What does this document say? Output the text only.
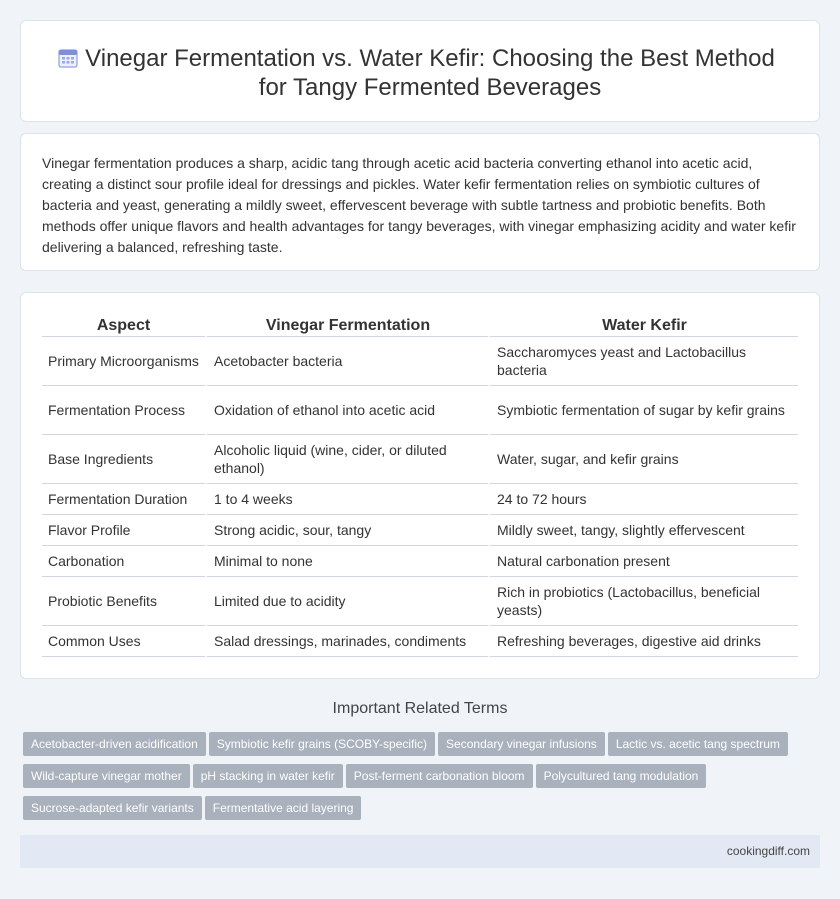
Vinegar Fermentation vs. Water Kefir: Choosing the Best Method
for Tangy Fermented Beverages

Vinegar fermentation produces a sharp, acidic tang through acetic acid bacteria converting ethanol into acetic acid, creating a distinct sour profile ideal for dressings and pickles. Water kefir fermentation relies on symbiotic cultures of bacteria and yeast, generating a mildly sweet, effervescent beverage with subtle tartness and probiotic benefits. Both methods offer unique flavors and health advantages for tangy beverages, with vinegar emphasizing acidity and water kefir delivering a balanced, refreshing taste.

Aspect	Vinegar Fermentation	Water Kefir
Primary Microorganisms	Acetobacter bacteria	Saccharomyces yeast and Lactobacillus bacteria
Fermentation Process	Oxidation of ethanol into acetic acid	Symbiotic fermentation of sugar by kefir grains
Base Ingredients	Alcoholic liquid (wine, cider, or diluted ethanol)	Water, sugar, and kefir grains
Fermentation Duration	1 to 4 weeks	24 to 72 hours
Flavor Profile	Strong acidic, sour, tangy	Mildly sweet, tangy, slightly effervescent
Carbonation	Minimal to none	Natural carbonation present
Probiotic Benefits	Limited due to acidity	Rich in probiotics (Lactobacillus, beneficial yeasts)
Common Uses	Salad dressings, marinades, condiments	Refreshing beverages, digestive aid drinks
Important Related Terms
Acetobacter-driven acidification Symbiotic kefir grains (SCOBY-specific) Secondary vinegar infusions Lactic vs. acetic tang spectrum
Wild-capture vinegar mother pH stacking in water kefir Post-ferment carbonation bloom Polycultured tang modulation
Sucrose-adapted kefir variants Fermentative acid layering
cookingdiff.com
